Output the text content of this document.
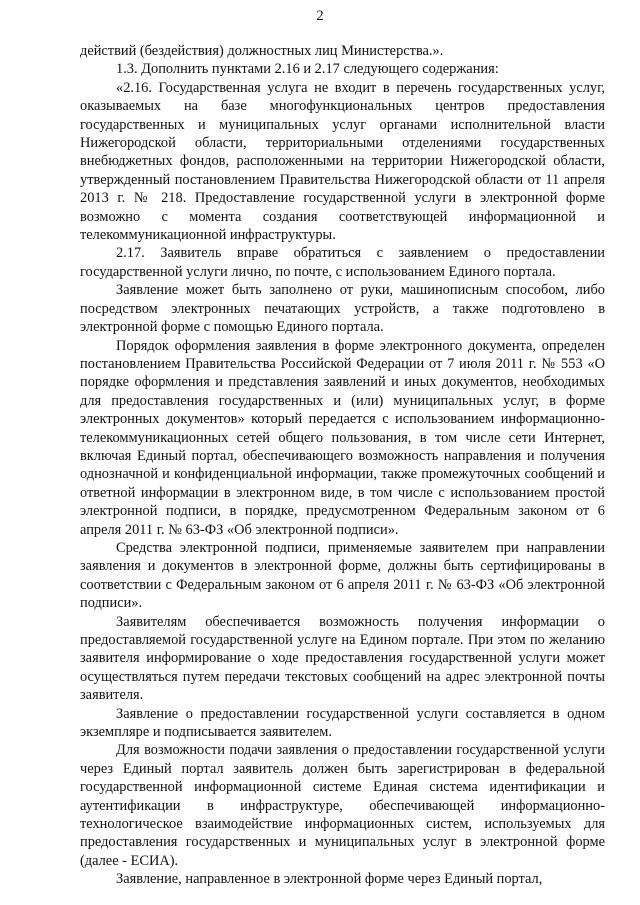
2

действий (бездействия) должностных лиц Министерства.».

1.3. Дополнить пунктами 2.16 и 2.17 следующего содержания:

«2.16. Государственная услуга не входит в перечень государственных услуг, оказываемых на базе многофункциональных центров предоставления государственных и муниципальных услуг органами исполнительной власти Нижегородской области, территориальными отделениями государственных внебюджетных фондов, расположенными на территории Нижегородской области, утвержденный постановлением Правительства Нижегородской области от 11 апреля 2013 г. № 218. Предоставление государственной услуги в электронной форме возможно с момента создания соответствующей информационной и телекоммуникационной инфраструктуры.

2.17. Заявитель вправе обратиться с заявлением о предоставлении государственной услуги лично, по почте, с использованием Единого портала.

Заявление может быть заполнено от руки, машинописным способом, либо посредством электронных печатающих устройств, а также подготовлено в электронной форме с помощью Единого портала.

Порядок оформления заявления в форме электронного документа, определен постановлением Правительства Российской Федерации от 7 июля 2011 г. № 553 «О порядке оформления и представления заявлений и иных документов, необходимых для предоставления государственных и (или) муниципальных услуг, в форме электронных документов» который передается с использованием информационно-телекоммуникационных сетей общего пользования, в том числе сети Интернет, включая Единый портал, обеспечивающего возможность направления и получения однозначной и конфиденциальной информации, также промежуточных сообщений и ответной информации в электронном виде, в том числе с использованием простой электронной подписи, в порядке, предусмотренном Федеральным законом от 6 апреля 2011 г. № 63-ФЗ «Об электронной подписи».

Средства электронной подписи, применяемые заявителем при направлении заявления и документов в электронной форме, должны быть сертифицированы в соответствии с Федеральным законом от 6 апреля 2011 г. № 63-ФЗ «Об электронной подписи».

Заявителям обеспечивается возможность получения информации о предоставляемой государственной услуге на Едином портале. При этом по желанию заявителя информирование о ходе предоставления государственной услуги может осуществляться путем передачи текстовых сообщений на адрес электронной почты заявителя.

Заявление о предоставлении государственной услуги составляется в одном экземпляре и подписывается заявителем.

Для возможности подачи заявления о предоставлении государственной услуги через Единый портал заявитель должен быть зарегистрирован в федеральной государственной информационной системе Единая система идентификации и аутентификации в инфраструктуре, обеспечивающей информационно-технологическое взаимодействие информационных систем, используемых для предоставления государственных и муниципальных услуг в электронной форме (далее - ЕСИА).

Заявление, направленное в электронной форме через Единый портал,
